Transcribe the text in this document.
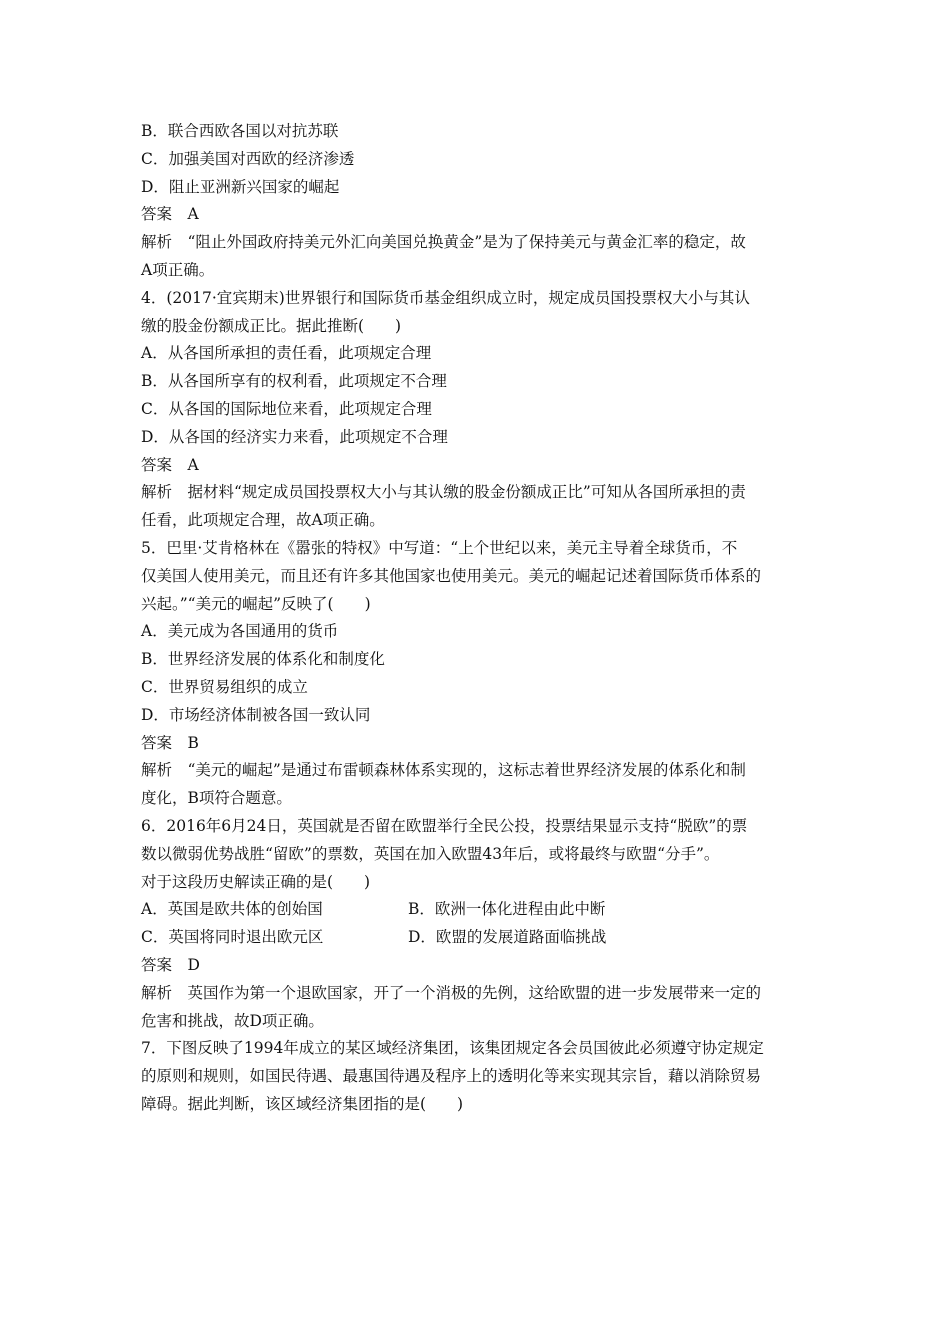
B．联合西欧各国以对抗苏联
C．加强美国对西欧的经济渗透
D．阻止亚洲新兴国家的崛起
答案　A
解析　“阻止外国政府持美元外汇向美国兑换黄金”是为了保持美元与黄金汇率的稳定，故
A项正确。
4．(2017·宜宾期末)世界银行和国际货币基金组织成立时，规定成员国投票权大小与其认
缴的股金份额成正比。据此推断(　　)
A．从各国所承担的责任看，此项规定合理
B．从各国所享有的权利看，此项规定不合理
C．从各国的国际地位来看，此项规定合理
D．从各国的经济实力来看，此项规定不合理
答案　A
解析　据材料“规定成员国投票权大小与其认缴的股金份额成正比”可知从各国所承担的责
任看，此项规定合理，故A项正确。
5．巴里·艾肯格林在《嚣张的特权》中写道：“上个世纪以来，美元主导着全球货币，不
仅美国人使用美元，而且还有许多其他国家也使用美元。美元的崛起记述着国际货币体系的
兴起。”“美元的崛起”反映了(　　)
A．美元成为各国通用的货币
B．世界经济发展的体系化和制度化
C．世界贸易组织的成立
D．市场经济体制被各国一致认同
答案　B
解析　“美元的崛起”是通过布雷顿森林体系实现的，这标志着世界经济发展的体系化和制
度化，B项符合题意。
6．2016年6月24日，英国就是否留在欧盟举行全民公投，投票结果显示支持“脱欧”的票
数以微弱优势战胜“留欧”的票数，英国在加入欧盟43年后，或将最终与欧盟“分手”。
对于这段历史解读正确的是(　　)
A．英国是欧共体的创始国	B．欧洲一体化进程由此中断
C．英国将同时退出欧元区	D．欧盟的发展道路面临挑战
答案　D
解析　英国作为第一个退欧国家，开了一个消极的先例，这给欧盟的进一步发展带来一定的
危害和挑战，故D项正确。
7．下图反映了1994年成立的某区域经济集团，该集团规定各会员国彼此必须遵守协定规定
的原则和规则，如国民待遇、最惠国待遇及程序上的透明化等来实现其宗旨，藉以消除贸易
障碍。据此判断，该区域经济集团指的是(　　)
